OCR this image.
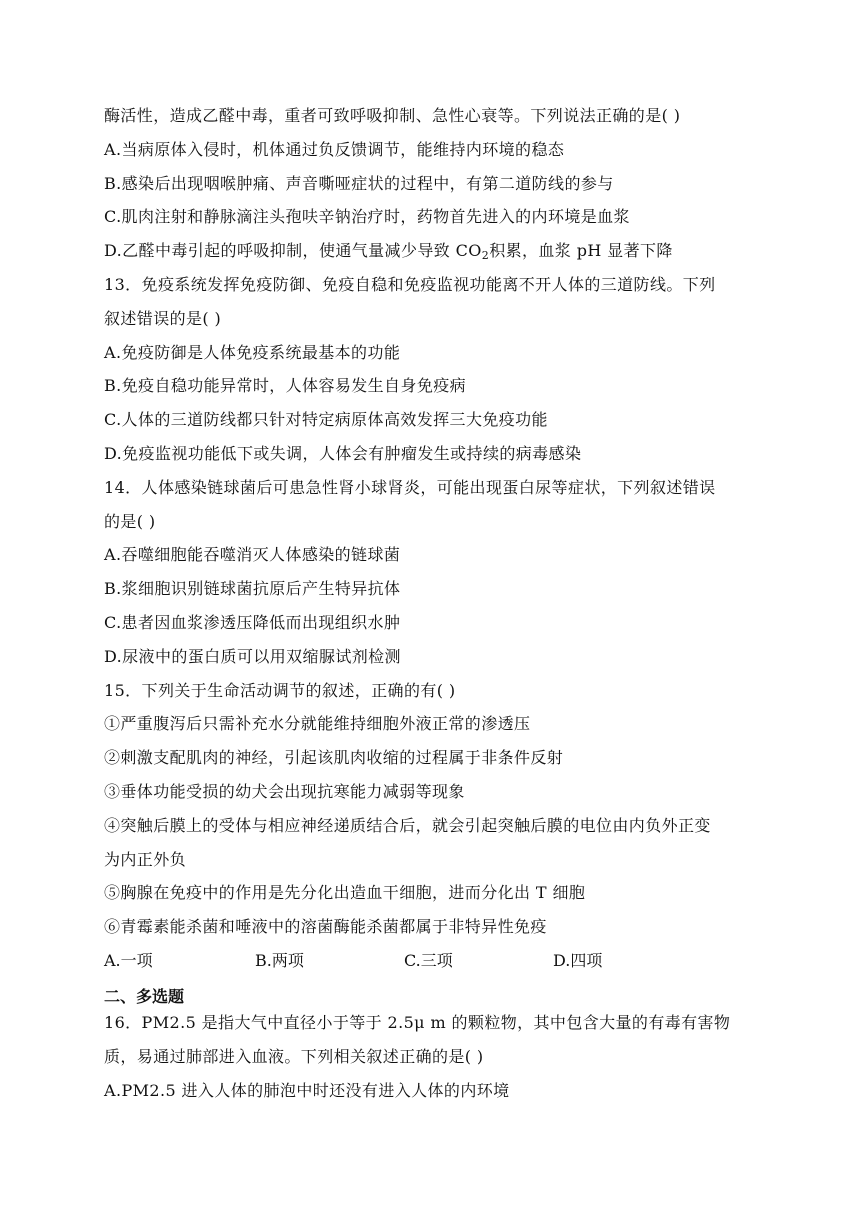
酶活性，造成乙醛中毒，重者可致呼吸抑制、急性心衰等。下列说法正确的是( )
A.当病原体入侵时，机体通过负反馈调节，能维持内环境的稳态
B.感染后出现咽喉肿痛、声音嘶哑症状的过程中，有第二道防线的参与
C.肌肉注射和静脉滴注头孢呋辛钠治疗时，药物首先进入的内环境是血浆
D.乙醛中毒引起的呼吸抑制，使通气量减少导致 $CO_2$积累，血浆 pH 显著下降
13．免疫系统发挥免疫防御、免疫自稳和免疫监视功能离不开人体的三道防线。下列
叙述错误的是( )
A.免疫防御是人体免疫系统最基本的功能
B.免疫自稳功能异常时，人体容易发生自身免疫病
C.人体的三道防线都只针对特定病原体高效发挥三大免疫功能
D.免疫监视功能低下或失调，人体会有肿瘤发生或持续的病毒感染
14．人体感染链球菌后可患急性肾小球肾炎，可能出现蛋白尿等症状，下列叙述错误
的是( )
A.吞噬细胞能吞噬消灭人体感染的链球菌
B.浆细胞识别链球菌抗原后产生特异抗体
C.患者因血浆渗透压降低而出现组织水肿
D.尿液中的蛋白质可以用双缩脲试剂检测
15．下列关于生命活动调节的叙述，正确的有( )
①严重腹泻后只需补充水分就能维持细胞外液正常的渗透压
②刺激支配肌肉的神经，引起该肌肉收缩的过程属于非条件反射
③垂体功能受损的幼犬会出现抗寒能力减弱等现象
④突触后膜上的受体与相应神经递质结合后，就会引起突触后膜的电位由内负外正变
为内正外负
⑤胸腺在免疫中的作用是先分化出造血干细胞，进而分化出 T 细胞
⑥青霉素能杀菌和唾液中的溶菌酶能杀菌都属于非特异性免疫
A.一项	B.两项	C.三项	D.四项
二、多选题
16．PM2.5 是指大气中直径小于等于 2.5μ m 的颗粒物，其中包含大量的有毒有害物
质，易通过肺部进入血液。下列相关叙述正确的是( )
A.PM2.5 进入人体的肺泡中时还没有进入人体的内环境
